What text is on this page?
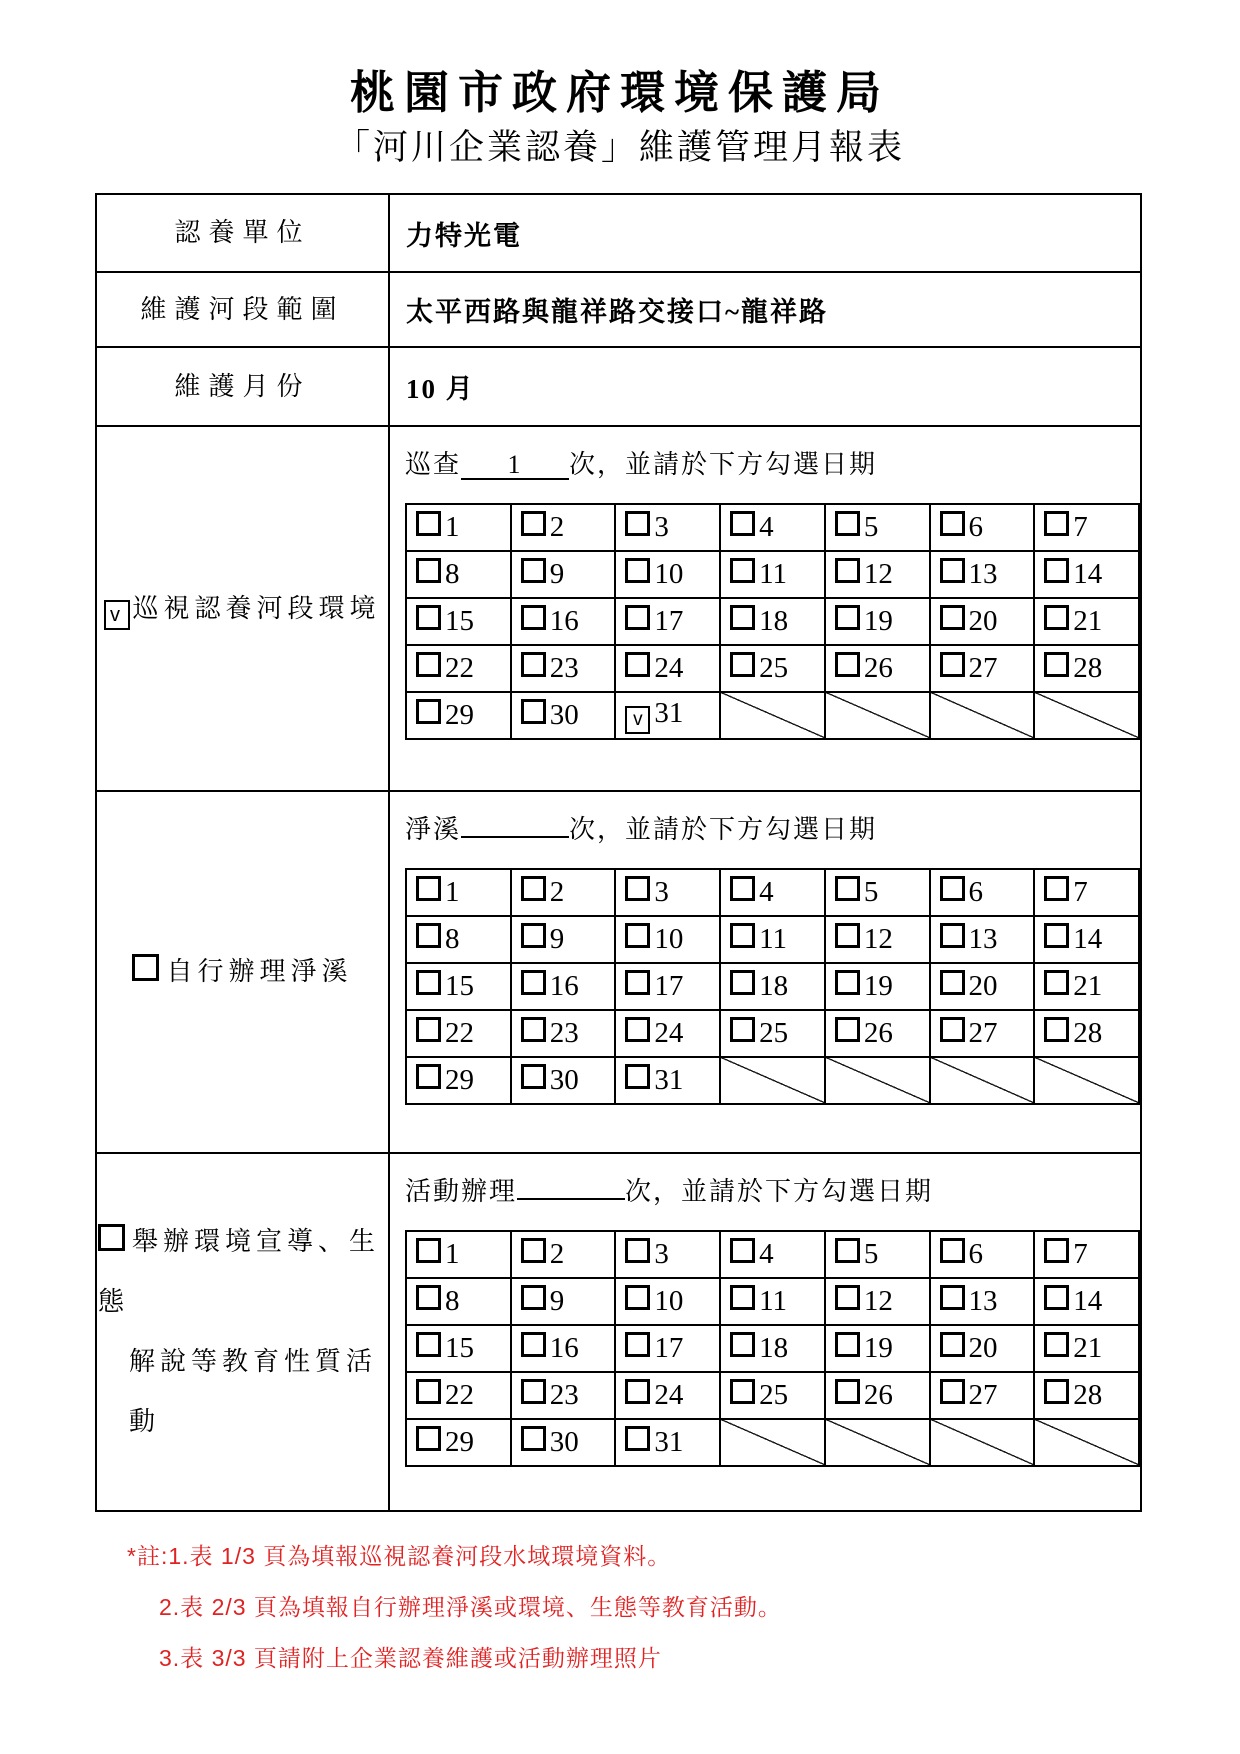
桃園市政府環境保護局
「河川企業認養」維護管理月報表
認養單位	力特光電
維護河段範圍	太平西路與龍祥路交接口~龍祥路
維護月份	10 月

v 巡視認養河段環境

巡查 1 次，並請於下方勾選日期
1	2	3	4	5	6	7
8	9	10	11	12	13	14
15	16	17	18	19	20	21
22	23	24	25	26	27	28
29	30	v 31				

自行辦理淨溪

淨溪	次，並請於下方勾選日期
1	2	3	4	5	6	7
8	9	10	11	12	13	14
15	16	17	18	19	20	21
22	23	24	25	26	27	28
29	30	31				

舉辦環境宣導、生態
解說等教育性質活動

活動辦理	次，並請於下方勾選日期
1	2	3	4	5	6	7
8	9	10	11	12	13	14
15	16	17	18	19	20	21
22	23	24	25	26	27	28
29	30	31				
*註:1.表 1/3 頁為填報巡視認養河段水域環境資料。
2.表 2/3 頁為填報自行辦理淨溪或環境、生態等教育活動。
3.表 3/3 頁請附上企業認養維護或活動辦理照片
